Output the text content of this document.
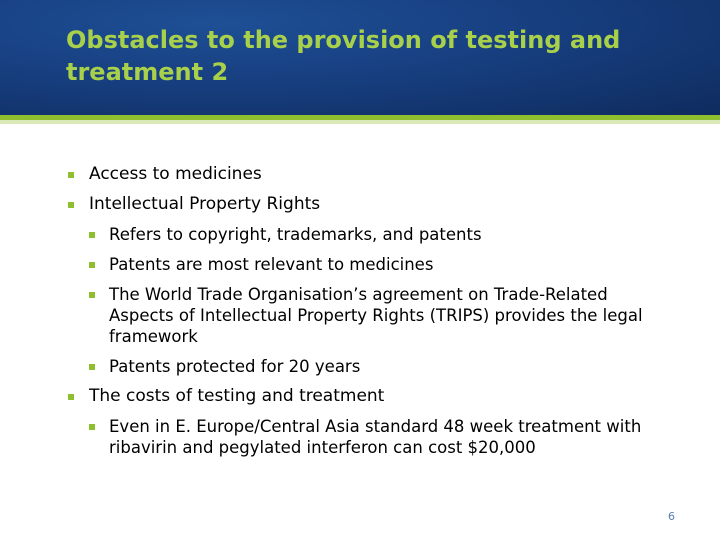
Obstacles to the provision of testing and treatment 2
Access to medicines
Intellectual Property Rights
Refers to copyright, trademarks, and patents
Patents are most relevant to medicines
The World Trade Organisation’s agreement on Trade-Related Aspects of Intellectual Property Rights (TRIPS) provides the legal framework
Patents protected for 20 years
The costs of testing and treatment
Even in E. Europe/Central Asia standard 48 week treatment with ribavirin and pegylated interferon can cost $20,000
6
